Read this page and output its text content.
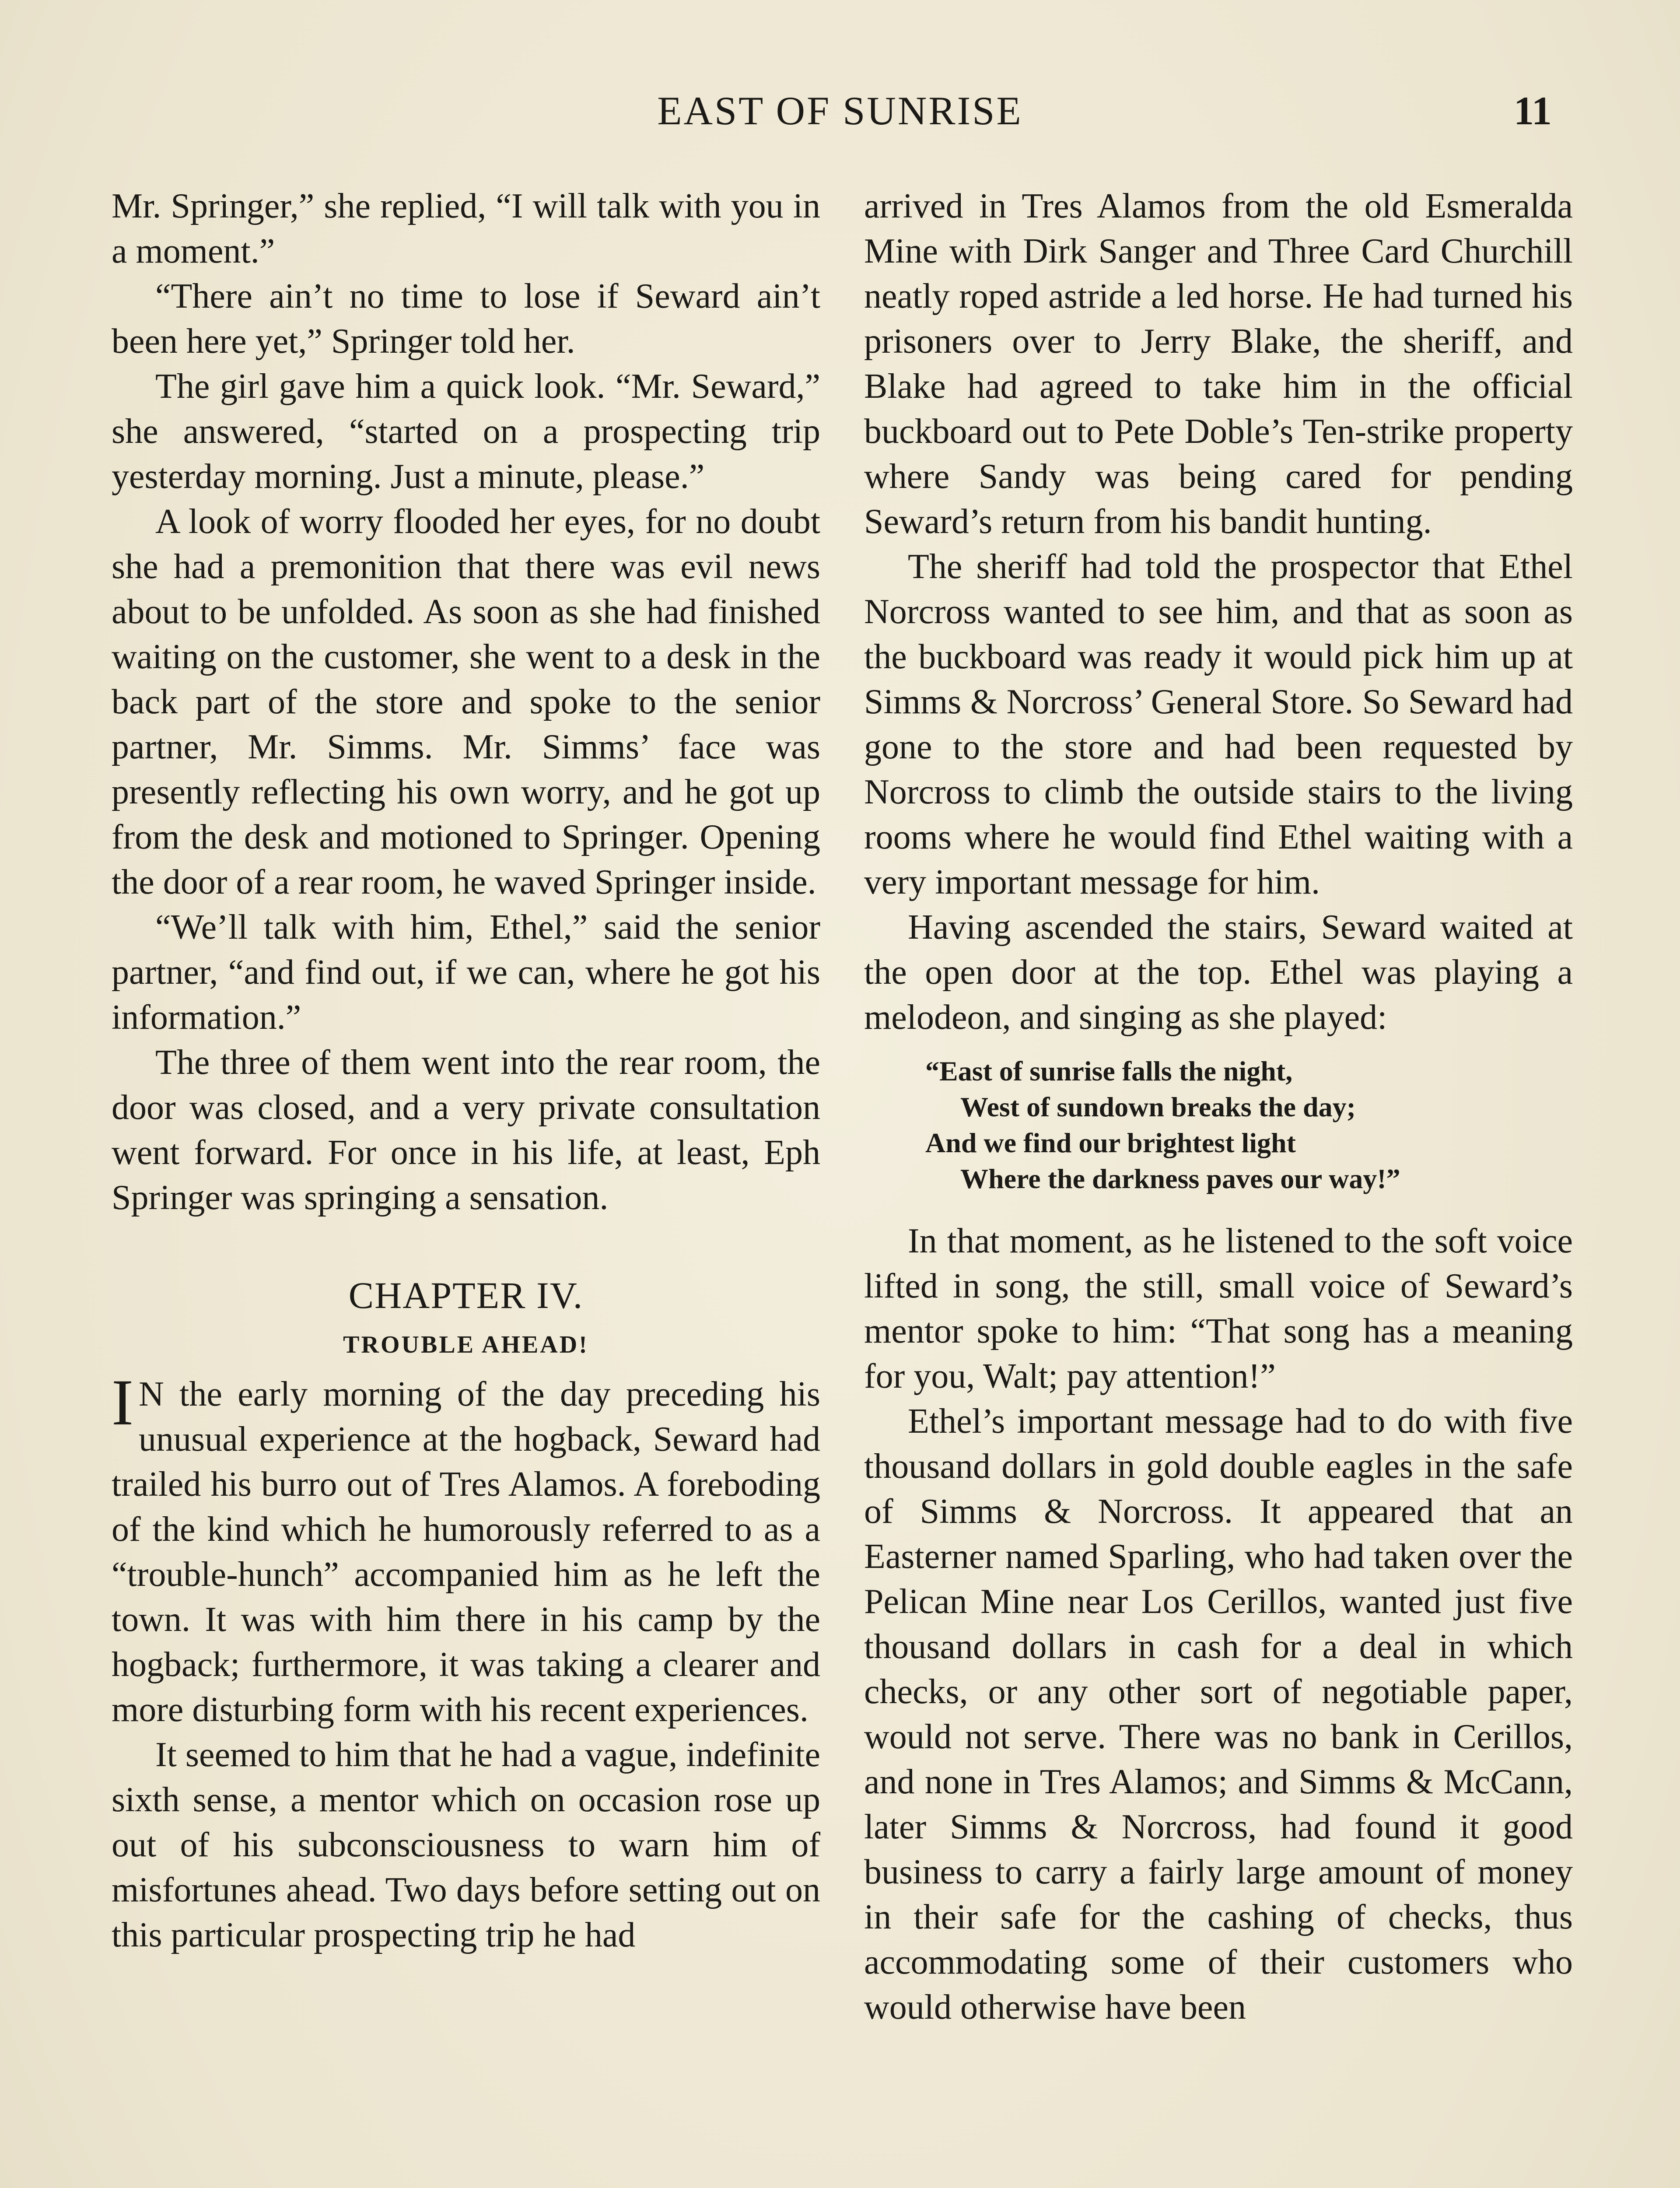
EAST OF SUNRISE	11

Mr. Springer,” she replied, “I will talk with you in a moment.”

“There ain’t no time to lose if Seward ain’t been here yet,” Springer told her.

The girl gave him a quick look. “Mr. Seward,” she answered, “started on a prospecting trip yesterday morning. Just a minute, please.”

A look of worry flooded her eyes, for no doubt she had a premonition that there was evil news about to be unfolded. As soon as she had finished waiting on the customer, she went to a desk in the back part of the store and spoke to the senior partner, Mr. Simms. Mr. Simms’ face was presently reflecting his own worry, and he got up from the desk and motioned to Springer. Opening the door of a rear room, he waved Springer inside.

“We’ll talk with him, Ethel,” said the senior partner, “and find out, if we can, where he got his information.”

The three of them went into the rear room, the door was closed, and a very private consultation went forward. For once in his life, at least, Eph Springer was springing a sensation.

CHAPTER IV.
TROUBLE AHEAD!

IN the early morning of the day preceding his unusual experience at the hogback, Seward had trailed his burro out of Tres Alamos. A foreboding of the kind which he humorously referred to as a “trouble-hunch” accompanied him as he left the town. It was with him there in his camp by the hogback; furthermore, it was taking a clearer and more disturbing form with his recent experiences.

It seemed to him that he had a vague, indefinite sixth sense, a mentor which on occasion rose up out of his subconsciousness to warn him of misfortunes ahead. Two days before setting out on this particular prospecting trip he had

arrived in Tres Alamos from the old Esmeralda Mine with Dirk Sanger and Three Card Churchill neatly roped astride a led horse. He had turned his prisoners over to Jerry Blake, the sheriff, and Blake had agreed to take him in the official buckboard out to Pete Doble’s Ten-strike property where Sandy was being cared for pending Seward’s return from his bandit hunting.

The sheriff had told the prospector that Ethel Norcross wanted to see him, and that as soon as the buckboard was ready it would pick him up at Simms & Norcross’ General Store. So Seward had gone to the store and had been requested by Norcross to climb the outside stairs to the living rooms where he would find Ethel waiting with a very important message for him.

Having ascended the stairs, Seward waited at the open door at the top. Ethel was playing a melodeon, and singing as she played:

“East of sunrise falls the night,
West of sundown breaks the day;
And we find our brightest light
Where the darkness paves our way!”

In that moment, as he listened to the soft voice lifted in song, the still, small voice of Seward’s mentor spoke to him: “That song has a meaning for you, Walt; pay attention!”

Ethel’s important message had to do with five thousand dollars in gold double eagles in the safe of Simms & Norcross. It appeared that an Easterner named Sparling, who had taken over the Pelican Mine near Los Cerillos, wanted just five thousand dollars in cash for a deal in which checks, or any other sort of negotiable paper, would not serve. There was no bank in Cerillos, and none in Tres Alamos; and Simms & McCann, later Simms & Norcross, had found it good business to carry a fairly large amount of money in their safe for the cashing of checks, thus accommodating some of their customers who would otherwise have been
